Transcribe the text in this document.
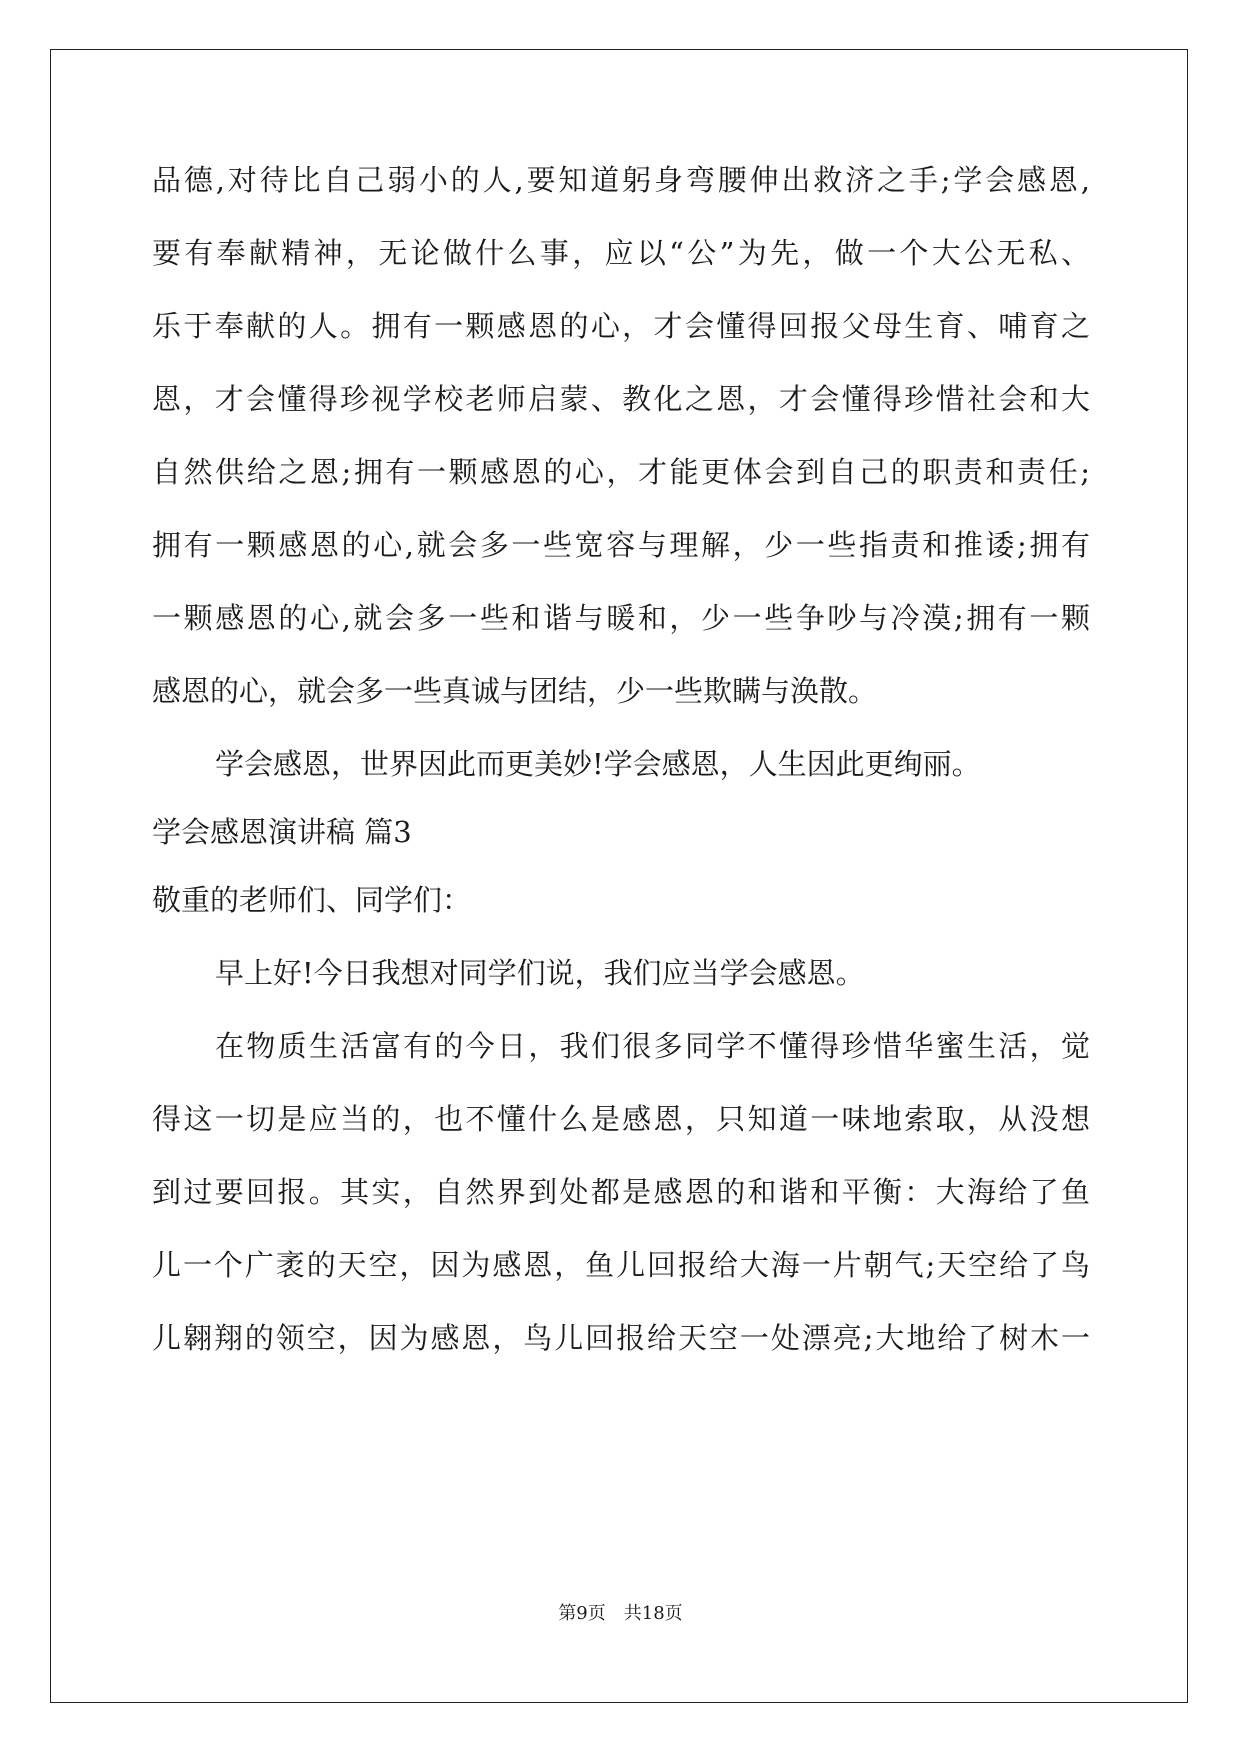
品德,对待比自己弱小的人,要知道躬身弯腰伸出救济之手;学会感恩,
要有奉献精神，无论做什么事，应以“公”为先，做一个大公无私、
乐于奉献的人。拥有一颗感恩的心，才会懂得回报父母生育、哺育之
恩，才会懂得珍视学校老师启蒙、教化之恩，才会懂得珍惜社会和大
自然供给之恩;拥有一颗感恩的心，才能更体会到自己的职责和责任;
拥有一颗感恩的心,就会多一些宽容与理解，少一些指责和推诿;拥有
一颗感恩的心,就会多一些和谐与暖和，少一些争吵与冷漠;拥有一颗
感恩的心，就会多一些真诚与团结，少一些欺瞒与涣散。
学会感恩，世界因此而更美妙!学会感恩，人生因此更绚丽。
学会感恩演讲稿 篇3
敬重的老师们、同学们：
早上好!今日我想对同学们说，我们应当学会感恩。
在物质生活富有的今日，我们很多同学不懂得珍惜华蜜生活，觉
得这一切是应当的，也不懂什么是感恩，只知道一味地索取，从没想
到过要回报。其实，自然界到处都是感恩的和谐和平衡：大海给了鱼
儿一个广袤的天空，因为感恩，鱼儿回报给大海一片朝气;天空给了鸟
儿翱翔的领空，因为感恩，鸟儿回报给天空一处漂亮;大地给了树木一
第9页 共18页
